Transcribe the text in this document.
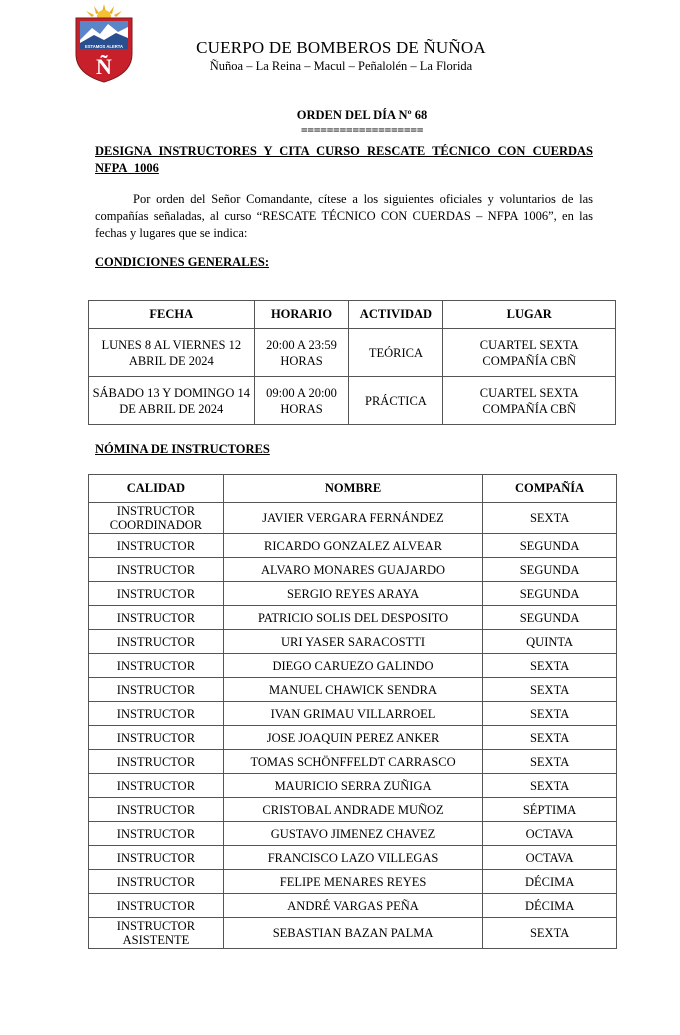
ESTAMOS ALERTA
Ñ
CUERPO DE BOMBEROS DE ÑUÑOA
Ñuñoa – La Reina – Macul – Peñalolén – La Florida
ORDEN DEL DÍA Nº 68
===================
DESIGNA INSTRUCTORES Y CITA CURSO RESCATE TÉCNICO CON CUERDAS NFPA 1006
Por orden del Señor Comandante, cítese a los siguientes oficiales y voluntarios de las compañías señaladas, al curso “RESCATE TÉCNICO CON CUERDAS – NFPA 1006”, en las fechas y lugares que se indica:
CONDICIONES GENERALES:
FECHA	HORARIO	ACTIVIDAD	LUGAR
LUNES 8 AL VIERNES 12 ABRIL DE 2024	20:00 A 23:59 HORAS	TEÓRICA	CUARTEL SEXTA COMPAÑÍA CBÑ
SÁBADO 13 Y DOMINGO 14 DE ABRIL DE 2024	09:00 A 20:00 HORAS	PRÁCTICA	CUARTEL SEXTA COMPAÑÍA CBÑ
NÓMINA DE INSTRUCTORES
CALIDAD	NOMBRE	COMPAÑÍA
INSTRUCTOR COORDINADOR	JAVIER VERGARA FERNÁNDEZ	SEXTA
INSTRUCTOR	RICARDO GONZALEZ ALVEAR	SEGUNDA
INSTRUCTOR	ALVARO MONARES GUAJARDO	SEGUNDA
INSTRUCTOR	SERGIO REYES ARAYA	SEGUNDA
INSTRUCTOR	PATRICIO SOLIS DEL DESPOSITO	SEGUNDA
INSTRUCTOR	URI YASER SARACOSTTI	QUINTA
INSTRUCTOR	DIEGO CARUEZO GALINDO	SEXTA
INSTRUCTOR	MANUEL CHAWICK SENDRA	SEXTA
INSTRUCTOR	IVAN GRIMAU VILLARROEL	SEXTA
INSTRUCTOR	JOSE JOAQUIN PEREZ ANKER	SEXTA
INSTRUCTOR	TOMAS SCHÖNFFELDT CARRASCO	SEXTA
INSTRUCTOR	MAURICIO SERRA ZUÑIGA	SEXTA
INSTRUCTOR	CRISTOBAL ANDRADE MUÑOZ	SÉPTIMA
INSTRUCTOR	GUSTAVO JIMENEZ CHAVEZ	OCTAVA
INSTRUCTOR	FRANCISCO LAZO VILLEGAS	OCTAVA
INSTRUCTOR	FELIPE MENARES REYES	DÉCIMA
INSTRUCTOR	ANDRÉ VARGAS PEÑA	DÉCIMA
INSTRUCTOR ASISTENTE	SEBASTIAN BAZAN PALMA	SEXTA
